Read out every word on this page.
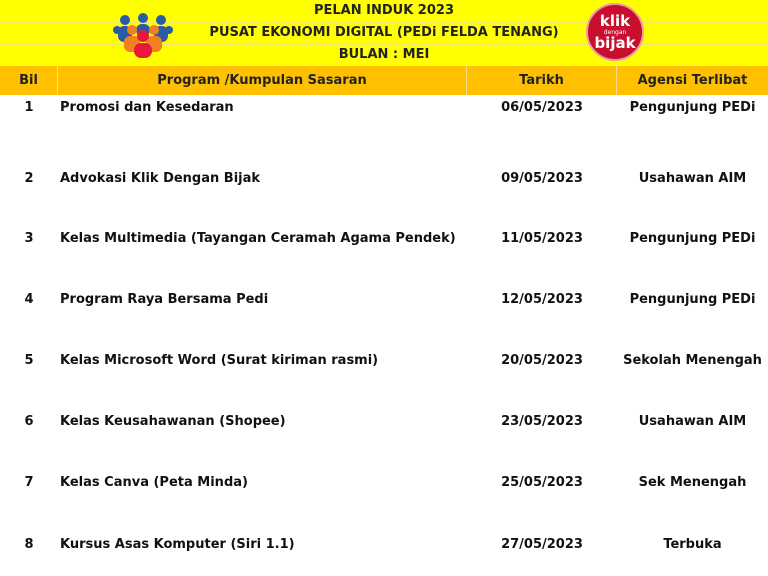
PELAN INDUK 2023
PUSAT EKONOMI DIGITAL (PEDi FELDA TENANG)
BULAN : MEI
klik
dengan
bijak
Bil	Program /Kumpulan Sasaran	Tarikh	Agensi Terlibat
1	Promosi dan Kesedaran	06/05/2023	Pengunjung PEDi
2	Advokasi Klik Dengan Bijak	09/05/2023	Usahawan AIM
3	Kelas Multimedia (Tayangan Ceramah Agama Pendek)	11/05/2023	Pengunjung PEDi
4	Program Raya Bersama Pedi	12/05/2023	Pengunjung PEDi
5	Kelas Microsoft Word (Surat kiriman rasmi)	20/05/2023	Sekolah Menengah
6	Kelas Keusahawanan (Shopee)	23/05/2023	Usahawan AIM
7	Kelas Canva (Peta Minda)	25/05/2023	Sek Menengah
8	Kursus Asas Komputer (Siri 1.1)	27/05/2023	Terbuka
